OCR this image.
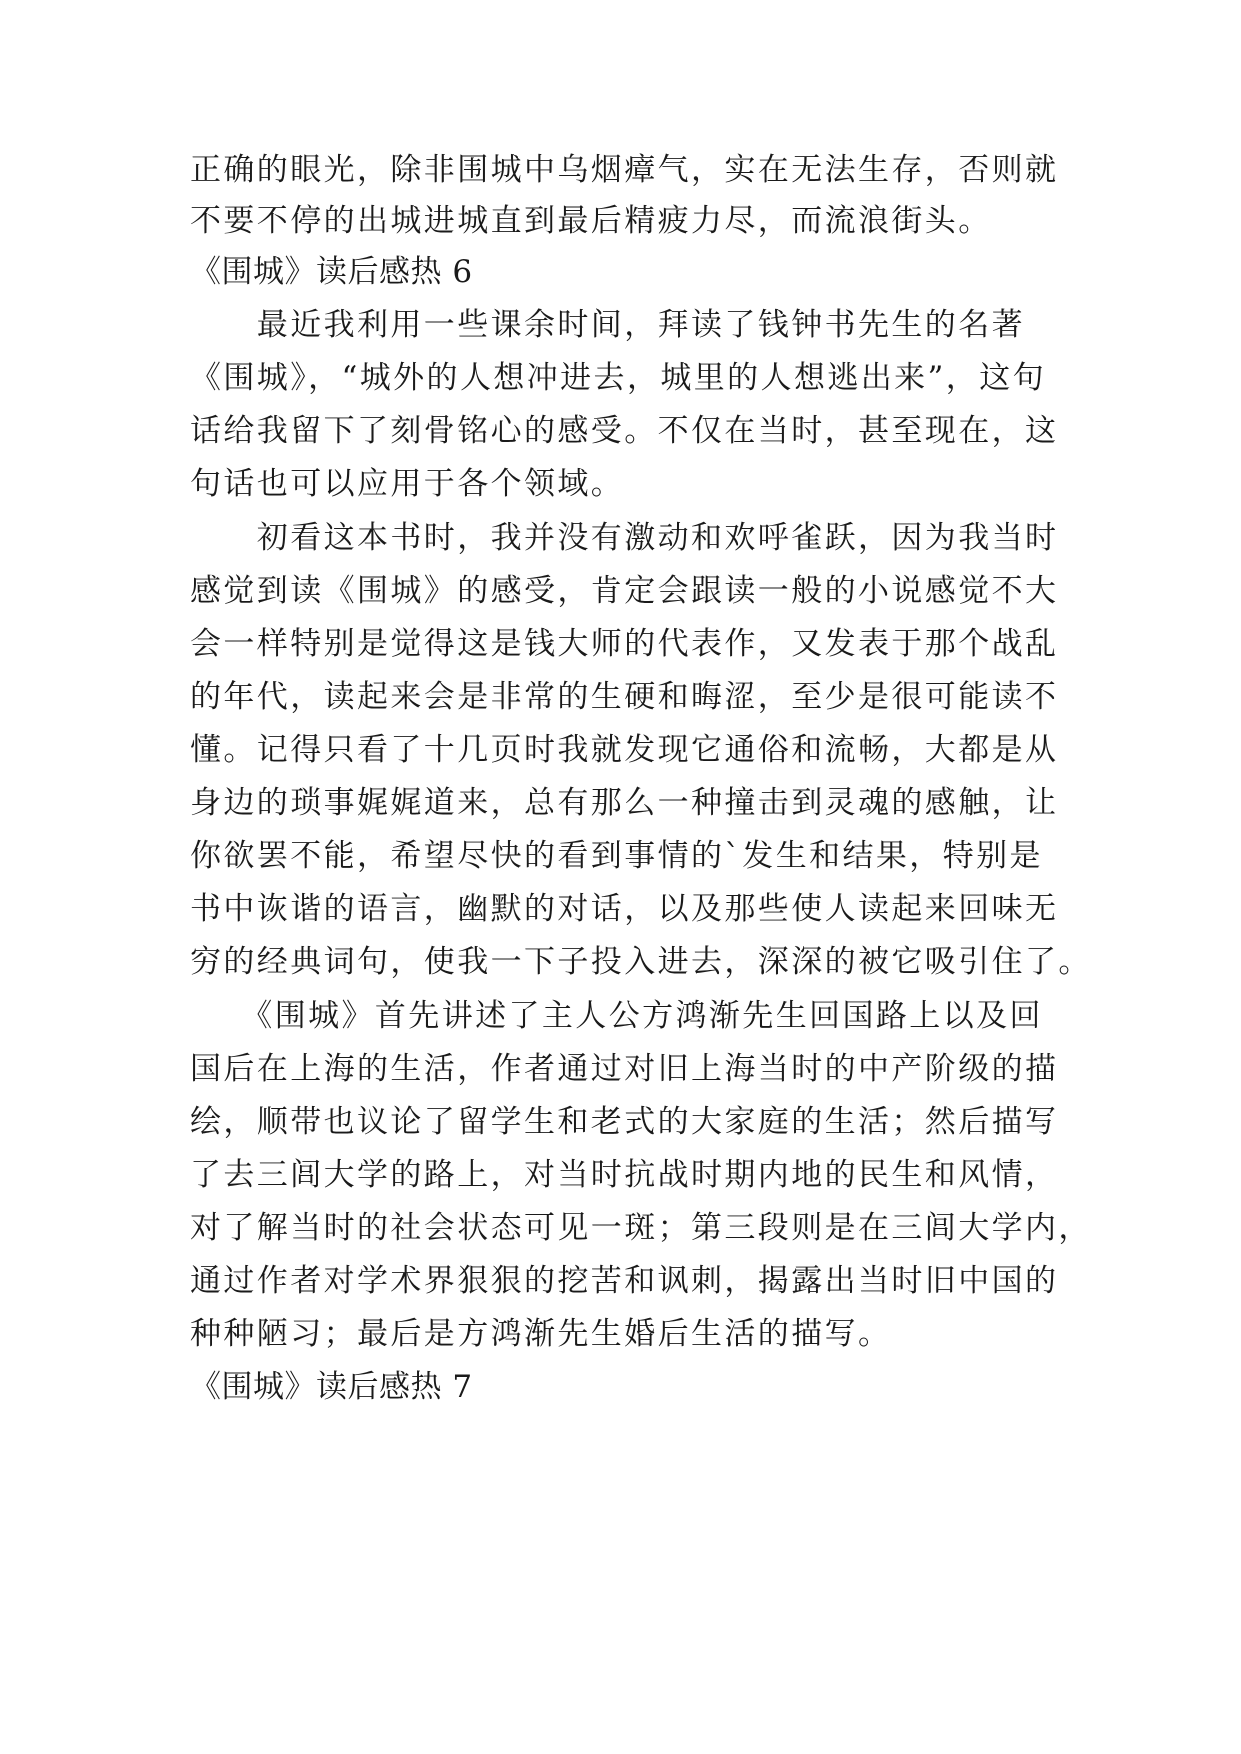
正确的眼光，除非围城中乌烟瘴气，实在无法生存，否则就
不要不停的出城进城直到最后精疲力尽，而流浪街头。
《围城》读后感热 6
　　最近我利用一些课余时间，拜读了钱钟书先生的名著
《围城》，“城外的人想冲进去，城里的人想逃出来”，这句
话给我留下了刻骨铭心的感受。不仅在当时，甚至现在，这
句话也可以应用于各个领域。
　　初看这本书时，我并没有激动和欢呼雀跃，因为我当时
感觉到读《围城》的感受，肯定会跟读一般的小说感觉不大
会一样特别是觉得这是钱大师的代表作，又发表于那个战乱
的年代，读起来会是非常的生硬和晦涩，至少是很可能读不
懂。记得只看了十几页时我就发现它通俗和流畅，大都是从
身边的琐事娓娓道来，总有那么一种撞击到灵魂的感触，让
你欲罢不能，希望尽快的看到事情的`发生和结果，特别是
书中诙谐的语言，幽默的对话，以及那些使人读起来回味无
穷的经典词句，使我一下子投入进去，深深的被它吸引住了。
　　《围城》首先讲述了主人公方鸿渐先生回国路上以及回
国后在上海的生活，作者通过对旧上海当时的中产阶级的描
绘，顺带也议论了留学生和老式的大家庭的生活；然后描写
了去三闾大学的路上，对当时抗战时期内地的民生和风情，
对了解当时的社会状态可见一斑；第三段则是在三闾大学内，
通过作者对学术界狠狠的挖苦和讽刺，揭露出当时旧中国的
种种陋习；最后是方鸿渐先生婚后生活的描写。
《围城》读后感热 7
